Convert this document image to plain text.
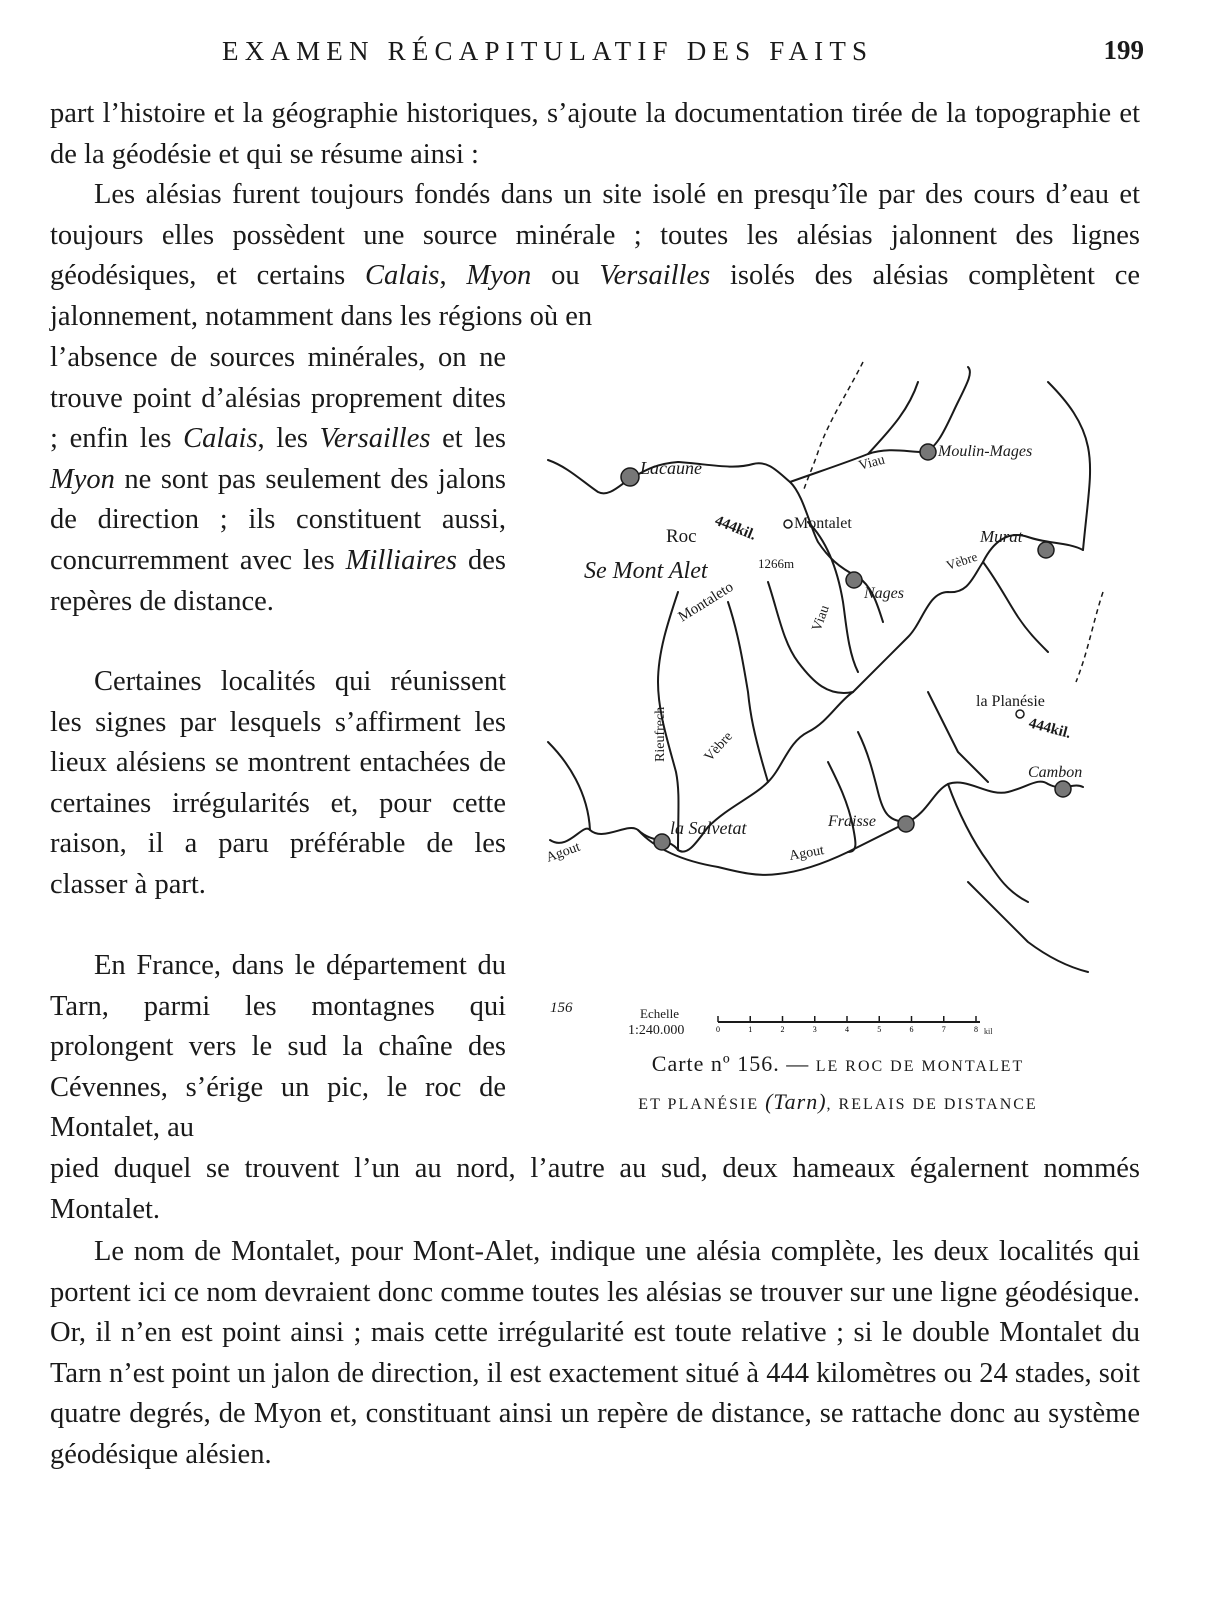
EXAMEN RÉCAPITULATIF DES FAITS	199

part l’histoire et la géographie historiques, s’ajoute la documentation tirée de la topographie et de la géodésie et qui se résume ainsi :

Les alésias furent toujours fondés dans un site isolé en presqu’île par des cours d’eau et toujours elles possèdent une source minérale ; toutes les alésias jalonnent des lignes géodésiques, et certains Calais, Myon ou Versailles isolés des alésias complètent ce jalonnement, notamment dans les régions où en

l’absence de sources minérales, on ne trouve point d’alésias proprement dites ; enfin les Calais, les Versailles et les Myon ne sont pas seulement des jalons de direction ; ils constituent aussi, concurremment avec les Milliaires des repères de distance.

Certaines localités qui réunissent les signes par lesquels s’affirment les lieux alésiens se montrent entachées de certaines irrégularités et, pour cette raison, il a paru préférable de les classer à part.

En France, dans le département du Tarn, parmi les montagnes qui prolongent vers le sud la chaîne des Cévennes, s’érige un pic, le roc de Montalet, au

pied duquel se trouvent l’un au nord, l’autre au sud, deux hameaux égalernent nommés Montalet.

Le nom de Montalet, pour Mont-Alet, indique une alésia complète, les deux localités qui portent ici ce nom devraient donc comme toutes les alésias se trouver sur une ligne géodésique. Or, il n’en est point ainsi ; mais cette irrégularité est toute relative ; si le double Montalet du Tarn n’est point un jalon de direction, il est exactement situé à 444 kilomètres ou 24 stades, soit quatre degrés, de Myon et, constituant ainsi un repère de distance, se rattache donc au système géodésique alésien.

Lacaune
Moulin-Mages
Viau
Roc 444kil. Montalet
Murat
Vèbre
Se Mont Alet	1266m
Montaleto	Nages
Viau
Rieufrech Vèbre
la Planésie
444kil.
Cambon
la Salvetat	Fraisse
Agout
Agout
156	Echelle
1:240.000	0	1	2	3	4	5	6	7	8 kil
Carte nº 156. — LE ROC DE MONTALET
ET PLANÉSIE (Tarn), RELAIS DE DISTANCE
